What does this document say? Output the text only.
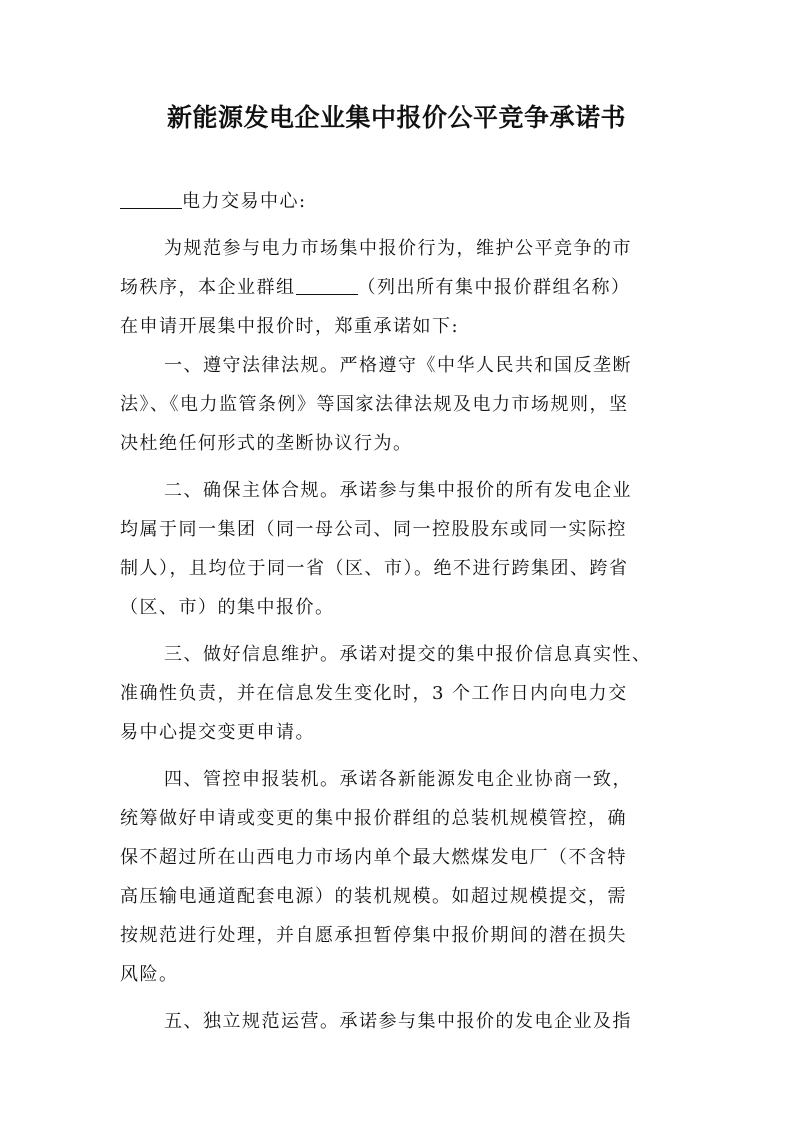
新能源发电企业集中报价公平竞争承诺书
电力交易中心:
为规范参与电力市场集中报价行为，维护公平竞争的市
场秩序，本企业群组	（列出所有集中报价群组名称）
在申请开展集中报价时，郑重承诺如下:
一、遵守法律法规。严格遵守《中华人民共和国反垄断
法》、《电力监管条例》等国家法律法规及电力市场规则，坚
决杜绝任何形式的垄断协议行为。
二、确保主体合规。承诺参与集中报价的所有发电企业
均属于同一集团（同一母公司、同一控股股东或同一实际控
制人），且均位于同一省（区、市）。绝不进行跨集团、跨省
（区、市）的集中报价。
三、做好信息维护。承诺对提交的集中报价信息真实性、
准确性负责，并在信息发生变化时，3 个工作日内向电力交
易中心提交变更申请。
四、管控申报装机。承诺各新能源发电企业协商一致，
统筹做好申请或变更的集中报价群组的总装机规模管控，确
保不超过所在山西电力市场内单个最大燃煤发电厂（不含特
高压输电通道配套电源）的装机规模。如超过规模提交，需
按规范进行处理，并自愿承担暂停集中报价期间的潜在损失
风险。
五、独立规范运营。承诺参与集中报价的发电企业及指
